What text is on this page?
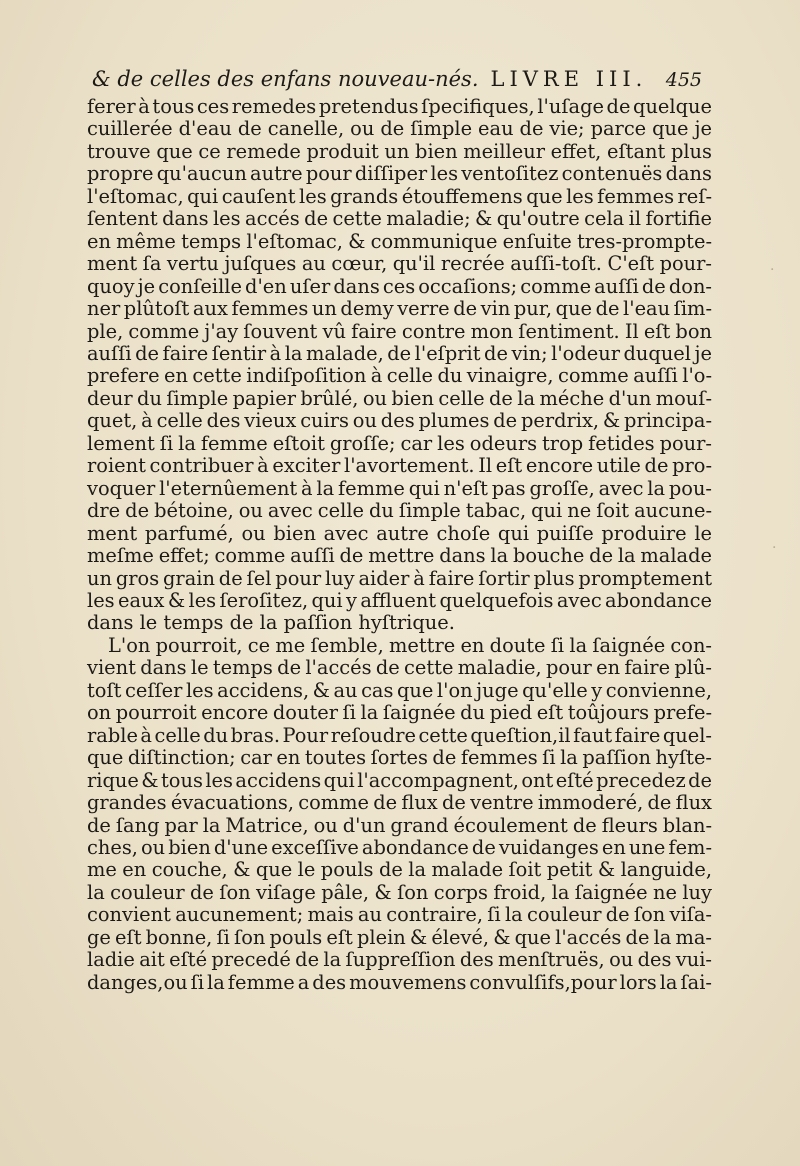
& de celles des enfans nouveau-nés. LIVRE III. 455
ferer à tous ces remedes pretendus ſpecifiques, l'uſage de quelque
cuillerée d'eau de canelle, ou de ſimple eau de vie; parce que je
trouve que ce remede produit un bien meilleur effet, eſtant plus
propre qu'aucun autre pour diſſiper les ventoſitez contenuës dans
l'eſtomac, qui cauſent les grands étouffemens que les femmes reſ-
ſentent dans les accés de cette maladie; & qu'outre cela il fortifie
en même temps l'eſtomac, & communique enſuite tres-prompte-
ment ſa vertu juſques au cœur, qu'il recrée auſſi-toſt. C'eſt pour-
quoy je conſeille d'en uſer dans ces occaſions; comme auſſi de don-
ner plûtoſt aux femmes un demy verre de vin pur, que de l'eau ſim-
ple, comme j'ay ſouvent vû faire contre mon ſentiment. Il eſt bon
auſſi de faire ſentir à la malade, de l'eſprit de vin; l'odeur duquel je
prefere en cette indiſpoſition à celle du vinaigre, comme auſſi l'o-
deur du ſimple papier brûlé, ou bien celle de la méche d'un mouſ-
quet, à celle des vieux cuirs ou des plumes de perdrix, & principa-
lement ſi la femme eſtoit groſſe; car les odeurs trop fetides pour-
roient contribuer à exciter l'avortement. Il eſt encore utile de pro-
voquer l'eternûement à la femme qui n'eſt pas groſſe, avec la pou-
dre de bétoine, ou avec celle du ſimple tabac, qui ne ſoit aucune-
ment parfumé, ou bien avec autre choſe qui puiſſe produire le
meſme effet; comme auſſi de mettre dans la bouche de la malade
un gros grain de ſel pour luy aider à faire ſortir plus promptement
les eaux & les ſeroſitez, qui y affluent quelquefois avec abondance
dans le temps de la paſſion hyſtrique.
L'on pourroit, ce me ſemble, mettre en doute ſi la ſaignée con-
vient dans le temps de l'accés de cette maladie, pour en faire plû-
toſt ceſſer les accidens, & au cas que l'on juge qu'elle y convienne,
on pourroit encore douter ſi la ſaignée du pied eſt toûjours prefe-
rable à celle du bras. Pour reſoudre cette queſtion,il faut faire quel-
que diſtinction; car en toutes ſortes de femmes ſi la paſſion hyſte-
rique & tous les accidens qui l'accompagnent, ont eſté precedez de
grandes évacuations, comme de flux de ventre immoderé, de flux
de ſang par la Matrice, ou d'un grand écoulement de fleurs blan-
ches, ou bien d'une exceſſive abondance de vuidanges en une fem-
me en couche, & que le pouls de la malade ſoit petit & languide,
la couleur de ſon viſage pâle, & ſon corps froid, la ſaignée ne luy
convient aucunement; mais au contraire, ſi la couleur de ſon viſa-
ge eſt bonne, ſi ſon pouls eſt plein & élevé, & que l'accés de la ma-
ladie ait eſté precedé de la ſuppreſſion des menſtruës, ou des vui-
danges,ou ſi la femme a des mouvemens convulſifs,pour lors la ſai-
·
·
